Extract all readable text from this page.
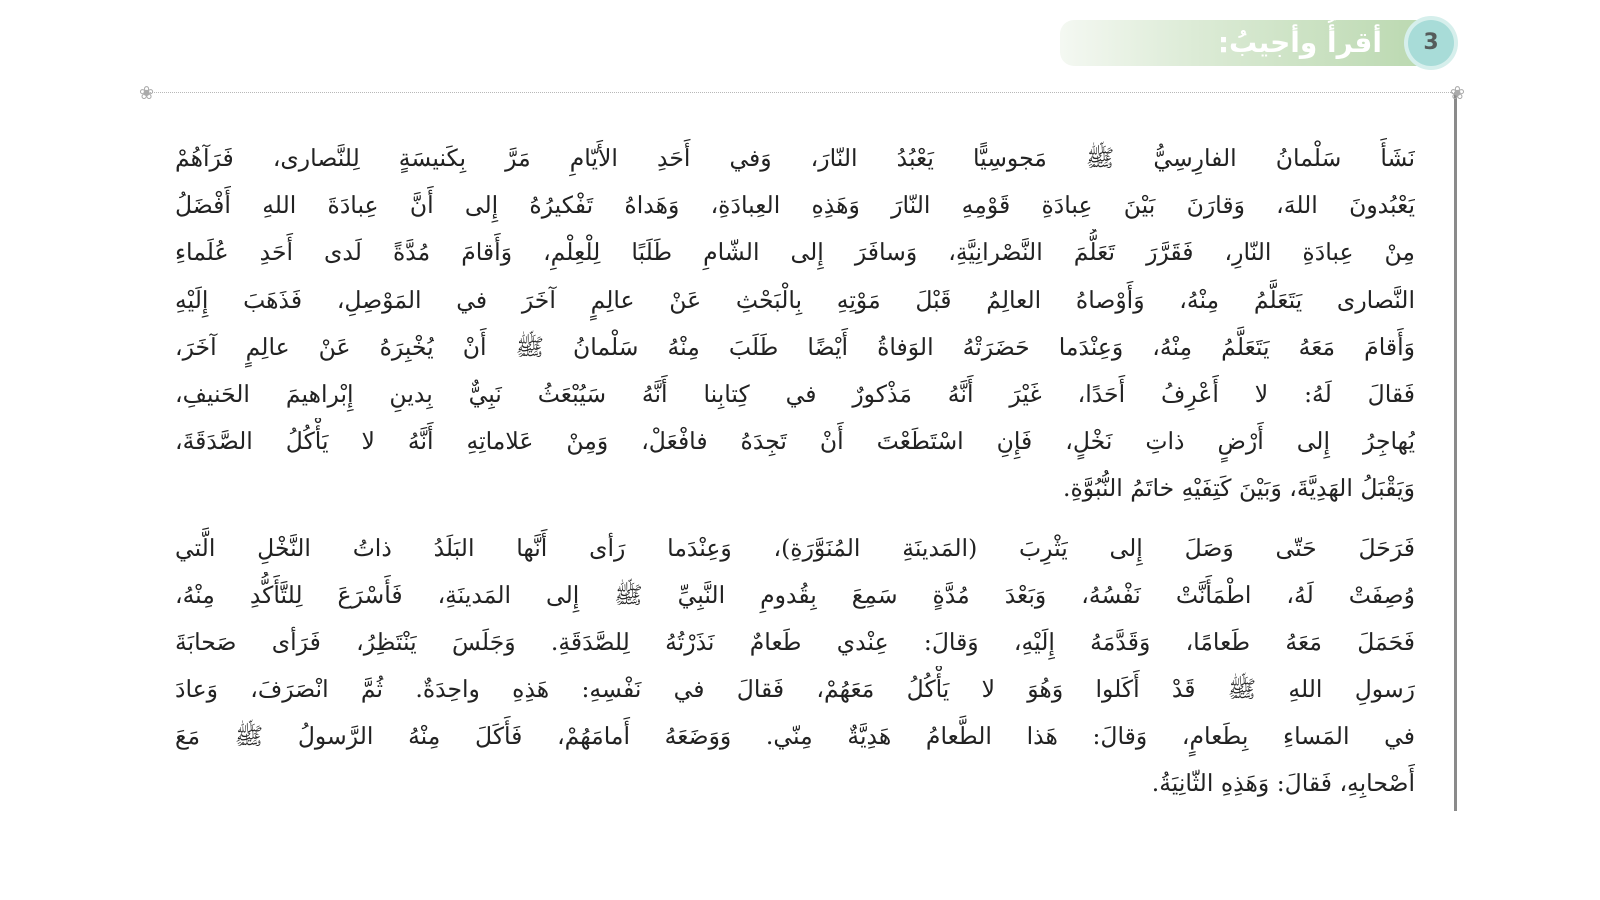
أقرأُ وأجيبُ:	3
❀	❀
نَشَأَ سَلْمانُ الفارِسِيُّ ﷺ مَجوسِيًّا يَعْبُدُ النّارَ، وَفي أَحَدِ الأَيّامِ مَرَّ بِكَنيسَةٍ لِلنَّصارى، فَرَآهُمْ
يَعْبُدونَ اللهَ، وَقارَنَ بَيْنَ عِبادَةِ قَوْمِهِ النّارَ وَهَذِهِ العِبادَةِ، وَهَداهُ تَفْكيرُهُ إِلى أَنَّ عِبادَةَ اللهِ أَفْضَلُ
مِنْ عِبادَةِ النّارِ، فَقَرَّرَ تَعَلُّمَ النَّصْرانِيَّةِ، وَسافَرَ إِلى الشّامِ طَلَبًا لِلْعِلْمِ، وَأَقامَ مُدَّةً لَدى أَحَدِ عُلَماءِ
النَّصارى يَتَعَلَّمُ مِنْهُ، وَأَوْصاهُ العالِمُ قَبْلَ مَوْتِهِ بِالْبَحْثِ عَنْ عالِمٍ آخَرَ في المَوْصِلِ، فَذَهَبَ إِلَيْهِ
وَأَقامَ مَعَهُ يَتَعَلَّمُ مِنْهُ، وَعِنْدَما حَضَرَتْهُ الوَفاةُ أَيْضًا طَلَبَ مِنْهُ سَلْمانُ ﷺ أَنْ يُخْبِرَهُ عَنْ عالِمٍ آخَرَ،
فَقالَ لَهُ: لا أَعْرِفُ أَحَدًا، غَيْرَ أَنَّهُ مَذْكورٌ في كِتابِنا أَنَّهُ سَيُبْعَثُ نَبِيٌّ بِدينِ إِبْراهيمَ الحَنيفِ،
يُهاجِرُ إِلى أَرْضٍ ذاتِ نَخْلٍ، فَإِنِ اسْتَطَعْتَ أَنْ تَجِدَهُ فافْعَلْ، وَمِنْ عَلاماتِهِ أَنَّهُ لا يَأْكُلُ الصَّدَقَةَ،
وَيَقْبَلُ الهَدِيَّةَ، وَبَيْنَ كَتِفَيْهِ خاتَمُ النُّبُوَّةِ.
فَرَحَلَ حَتّى وَصَلَ إِلى يَثْرِبَ (المَدينَةِ المُنَوَّرَةِ)، وَعِنْدَما رَأى أَنَّها البَلَدُ ذاتُ النَّخْلِ الَّتي
وُصِفَتْ لَهُ، اطْمَأَنَّتْ نَفْسُهُ، وَبَعْدَ مُدَّةٍ سَمِعَ بِقُدومِ النَّبِيِّ ﷺ إِلى المَدينَةِ، فَأَسْرَعَ لِلتَّأَكُّدِ مِنْهُ،
فَحَمَلَ مَعَهُ طَعامًا، وَقَدَّمَهُ إِلَيْهِ، وَقالَ: عِنْدي طَعامٌ نَذَرْتُهُ لِلصَّدَقَةِ. وَجَلَسَ يَنْتَظِرُ، فَرَأى صَحابَةَ
رَسولِ اللهِ ﷺ قَدْ أَكَلوا وَهُوَ لا يَأْكُلُ مَعَهُمْ، فَقالَ في نَفْسِهِ: هَذِهِ واحِدَةٌ. ثُمَّ انْصَرَفَ، وَعادَ
في المَساءِ بِطَعامٍ، وَقالَ: هَذا الطَّعامُ هَدِيَّةٌ مِنّي. وَوَضَعَهُ أَمامَهُمْ، فَأَكَلَ مِنْهُ الرَّسولُ ﷺ مَعَ
أَصْحابِهِ، فَقالَ: وَهَذِهِ الثّانِيَةُ.
